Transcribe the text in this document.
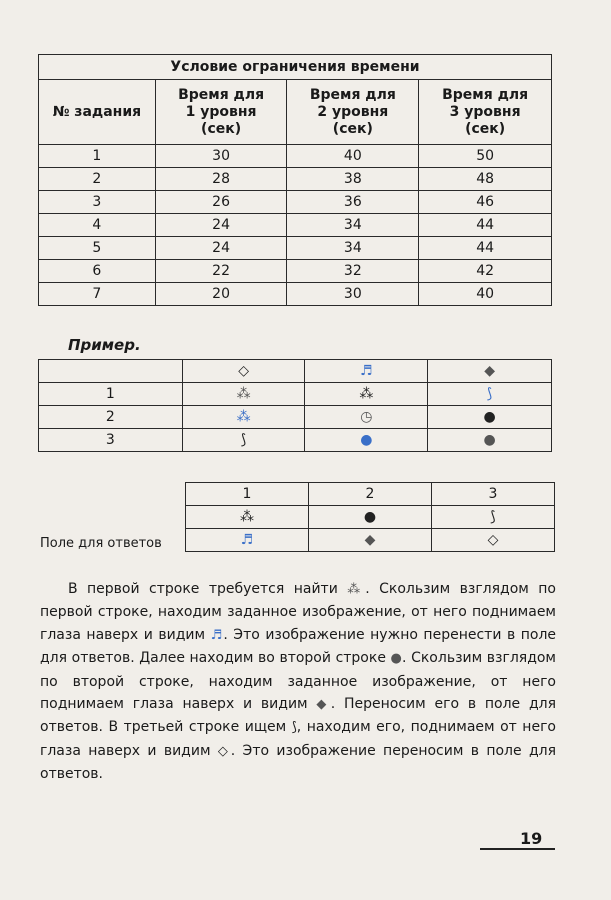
Условие ограничения времени			
№ задания	Время для 1 уровня (сек)	Время для 2 уровня (сек)	Время для 3 уровня (сек)

1	30	40	50
2	28	38	48
3	26	36	46
4	24	34	44
5	24	34	44
6	22	32	42
7	20	30	40
Пример.
	◇	♬	◆
1	⁂	⁂	⟆
2	⁂	◷	●
3	⟆	●	●
1	2	3
⁂	●	⟆
♬	◆	◇
Поле для ответов

В первой строке требуется найти ⁂. Скользим взглядом по первой строке, находим заданное изображение, от него поднимаем глаза наверх и видим ♬. Это изображение нужно перенести в поле для ответов. Далее находим во второй строке ●. Скользим взглядом по второй строке, находим заданное изображение, от него поднимаем глаза наверх и видим ◆. Переносим его в поле для ответов. В третьей строке ищем ⟆, находим его, поднимаем от него глаза наверх и видим ◇. Это изображение переносим в поле для ответов.

19
